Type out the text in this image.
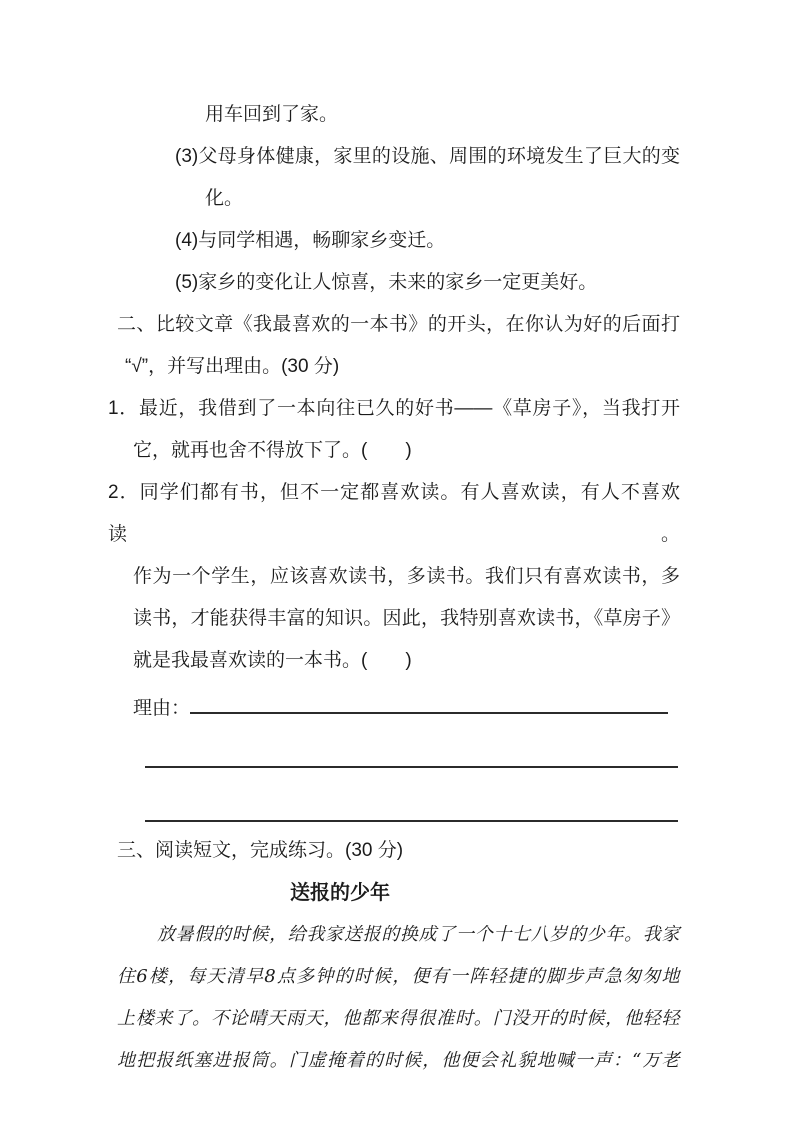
用车回到了家。
(3)父母身体健康，家里的设施、周围的环境发生了巨大的变
化。
(4)与同学相遇，畅聊家乡变迁。
(5)家乡的变化让人惊喜，未来的家乡一定更美好。
二、比较文章《我最喜欢的一本书》的开头，在你认为好的后面打
“√”，并写出理由。(30 分)
1．最近，我借到了一本向往已久的好书——《草房子》，当我打开
它，就再也舍不得放下了。(　　)
2．同学们都有书，但不一定都喜欢读。有人喜欢读，有人不喜欢读。
作为一个学生，应该喜欢读书，多读书。我们只有喜欢读书，多
读书，才能获得丰富的知识。因此，我特别喜欢读书，《草房子》
就是我最喜欢读的一本书。(　　)
理由：
三、阅读短文，完成练习。(30 分)
送报的少年
放暑假的时候，给我家送报的换成了一个十七八岁的少年。我家
住6楼，每天清早8点多钟的时候，便有一阵轻捷的脚步声急匆匆地
上楼来了。不论晴天雨天，他都来得很准时。门没开的时候，他轻轻
地把报纸塞进报筒。门虚掩着的时候，他便会礼貌地喊一声：“万老
